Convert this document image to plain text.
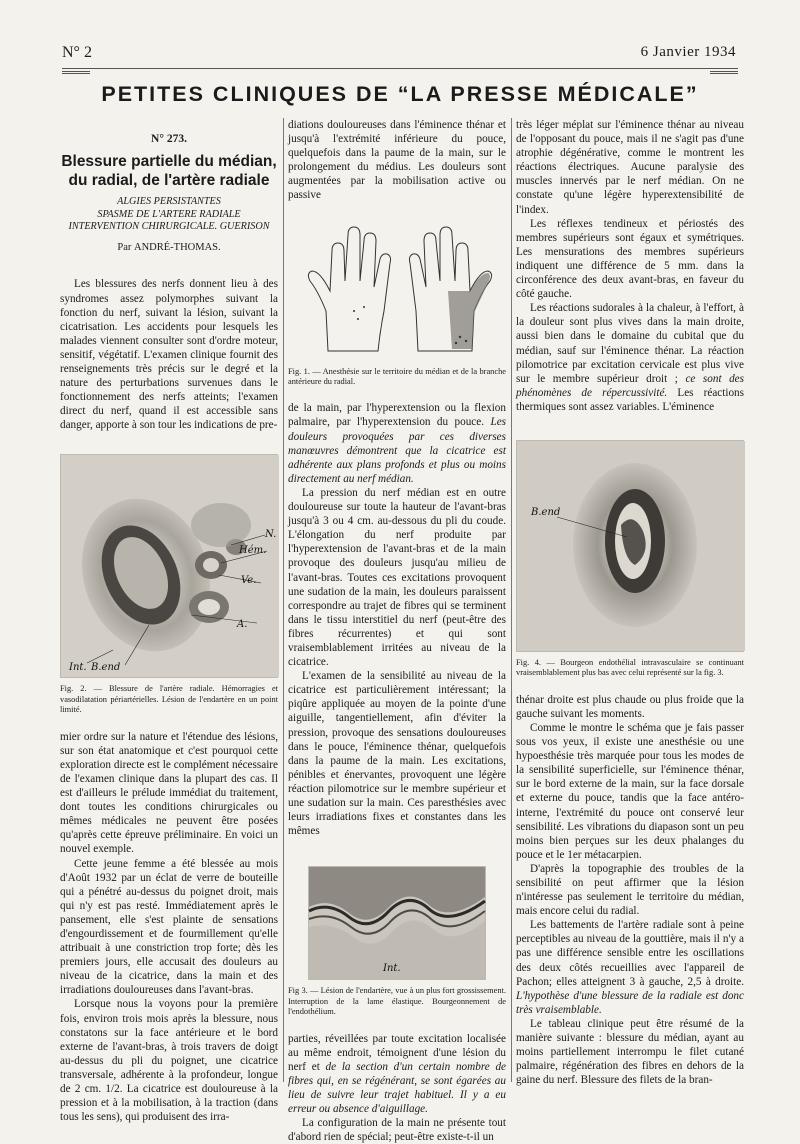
N° 2	6 Janvier 1934
PETITES CLINIQUES DE “LA PRESSE MÉDICALE”

N° 273.

Blessure partielle du médian,
du radial, de l'artère radiale

ALGIES PERSISTANTES
SPASME DE L'ARTERE RADIALE
INTERVENTION CHIRURGICALE. GUERISON

Par ANDRÉ-THOMAS.

Les blessures des nerfs donnent lieu à des syndromes assez polymorphes suivant la fonction du nerf, suivant la lésion, suivant la cicatrisation. Les accidents pour lesquels les malades viennent consulter sont d'ordre moteur, sensitif, végétatif. L'examen clinique fournit des renseignements très précis sur le degré et la nature des perturbations survenues dans le fonctionnement des nerfs atteints; l'examen direct du nerf, quand il est accessible sans danger, apporte à son tour les indications de pre-

N.
Hém.
Ve.
A.
Int. B.end
Fig. 2. — Blessure de l'artère radiale. Hémorragies et vasodilatation périartérielles. Lésion de l'endartère en un point limité.

mier ordre sur la nature et l'étendue des lésions, sur son état anatomique et c'est pourquoi cette exploration directe est le complément nécessaire de l'examen clinique dans la plupart des cas. Il est d'ailleurs le prélude immédiat du traitement, dont toutes les conditions chirurgicales ou mêmes médicales ne peuvent être posées qu'après cette épreuve préliminaire. En voici un nouvel exemple.

Cette jeune femme a été blessée au mois d'Août 1932 par un éclat de verre de bouteille qui a pénétré au-dessus du poignet droit, mais qui n'y est pas resté. Immédiatement après le pansement, elle s'est plainte de sensations d'engourdissement et de fourmillement qu'elle attribuait à une constriction trop forte; dès les premiers jours, elle accusait des douleurs au niveau de la cicatrice, dans la main et des irradiations douloureuses dans l'avant-bras.

Lorsque nous la voyons pour la première fois, environ trois mois après la blessure, nous constatons sur la face antérieure et le bord externe de l'avant-bras, à trois travers de doigt au-dessus du pli du poignet, une cicatrice transversale, adhérente à la profondeur, longue de 2 cm. 1/2. La cicatrice est douloureuse à la pression et à la mobilisation, à la traction (dans tous les sens), qui produisent des irra-

diations douloureuses dans l'éminence thénar et jusqu'à l'extrémité inférieure du pouce, quelquefois dans la paume de la main, sur le prolongement du médius. Les douleurs sont augmentées par la mobilisation active ou passive

Fig. 1. — Anesthésie sur le territoire du médian et de la branche antérieure du radial.

de la main, par l'hyperextension ou la flexion palmaire, par l'hyperextension du pouce. Les douleurs provoquées par ces diverses manœuvres démontrent que la cicatrice est adhérente aux plans profonds et plus ou moins directement au nerf médian.

La pression du nerf médian est en outre douloureuse sur toute la hauteur de l'avant-bras jusqu'à 3 ou 4 cm. au-dessous du pli du coude. L'élongation du nerf produite par l'hyperextension de l'avant-bras et de la main provoque des douleurs jusqu'au milieu de l'avant-bras. Toutes ces excitations provoquent une sudation de la main, les douleurs paraissent correspondre au trajet de fibres qui se terminent dans le tissu interstitiel du nerf (peut-être des fibres récurrentes) et qui sont vraisemblablement irritées au niveau de la cicatrice.

L'examen de la sensibilité au niveau de la cicatrice est particulièrement intéressant; la piqûre appliquée au moyen de la pointe d'une aiguille, tangentiellement, afin d'éviter la pression, provoque des sensations douloureuses dans le pouce, l'éminence thénar, quelquefois dans la paume de la main. Les excitations, pénibles et énervantes, provoquent une légère réaction pilomotrice sur le membre supérieur et une sudation sur la main. Ces paresthésies avec leurs irradiations fixes et constantes dans les mêmes

Int.
Fig 3. — Lésion de l'endartère, vue à un plus fort grossissement. Interruption de la lame élastique. Bourgeonnement de l'endothélium.

parties, réveillées par toute excitation localisée au même endroit, témoignent d'une lésion du nerf et de la section d'un certain nombre de fibres qui, en se régénérant, se sont égarées au lieu de suivre leur trajet habituel. Il y a eu erreur ou absence d'aiguillage.

La configuration de la main ne présente tout d'abord rien de spécial; peut-être existe-t-il un

très léger méplat sur l'éminence thénar au niveau de l'opposant du pouce, mais il ne s'agit pas d'une atrophie dégénérative, comme le montrent les réactions électriques. Aucune paralysie des muscles innervés par le nerf médian. On ne constate qu'une légère hyperextensibilité de l'index.

Les réflexes tendineux et périostés des membres supérieurs sont égaux et symétriques. Les mensurations des membres supérieurs indiquent une différence de 5 mm. dans la circonférence des deux avant-bras, en faveur du côté gauche.

Les réactions sudorales à la chaleur, à l'effort, à la douleur sont plus vives dans la main droite, aussi bien dans le domaine du cubital que du médian, sauf sur l'éminence thénar. La réaction pilomotrice par excitation cervicale est plus vive sur le membre supérieur droit ; ce sont des phénomènes de répercussivité. Les réactions thermiques sont assez variables. L'éminence

B.end
Fig. 4. — Bourgeon endothélial intravasculaire se continuant vraisemblablement plus bas avec celui représenté sur la fig. 3.

thénar droite est plus chaude ou plus froide que la gauche suivant les moments.

Comme le montre le schéma que je fais passer sous vos yeux, il existe une anesthésie ou une hypoesthésie très marquée pour tous les modes de la sensibilité superficielle, sur l'éminence thénar, sur le bord externe de la main, sur la face dorsale et externe du pouce, tandis que la face antéro-interne, l'extrémité du pouce ont conservé leur sensibilité. Les vibrations du diapason sont un peu moins bien perçues sur les deux phalanges du pouce et le 1er métacarpien.

D'après la topographie des troubles de la sensibilité on peut affirmer que la lésion n'intéresse pas seulement le territoire du médian, mais encore celui du radial.

Les battements de l'artère radiale sont à peine perceptibles au niveau de la gouttière, mais il n'y a pas une différence sensible entre les oscillations des deux côtés recueillies avec l'appareil de Pachon; elles atteignent 3 à gauche, 2,5 à droite. L'hypothèse d'une blessure de la radiale est donc très vraisemblable.

Le tableau clinique peut être résumé de la manière suivante : blessure du médian, ayant au moins partiellement interrompu le filet cutané palmaire, régénération des fibres en dehors de la gaine du nerf. Blessure des filets de la bran-
